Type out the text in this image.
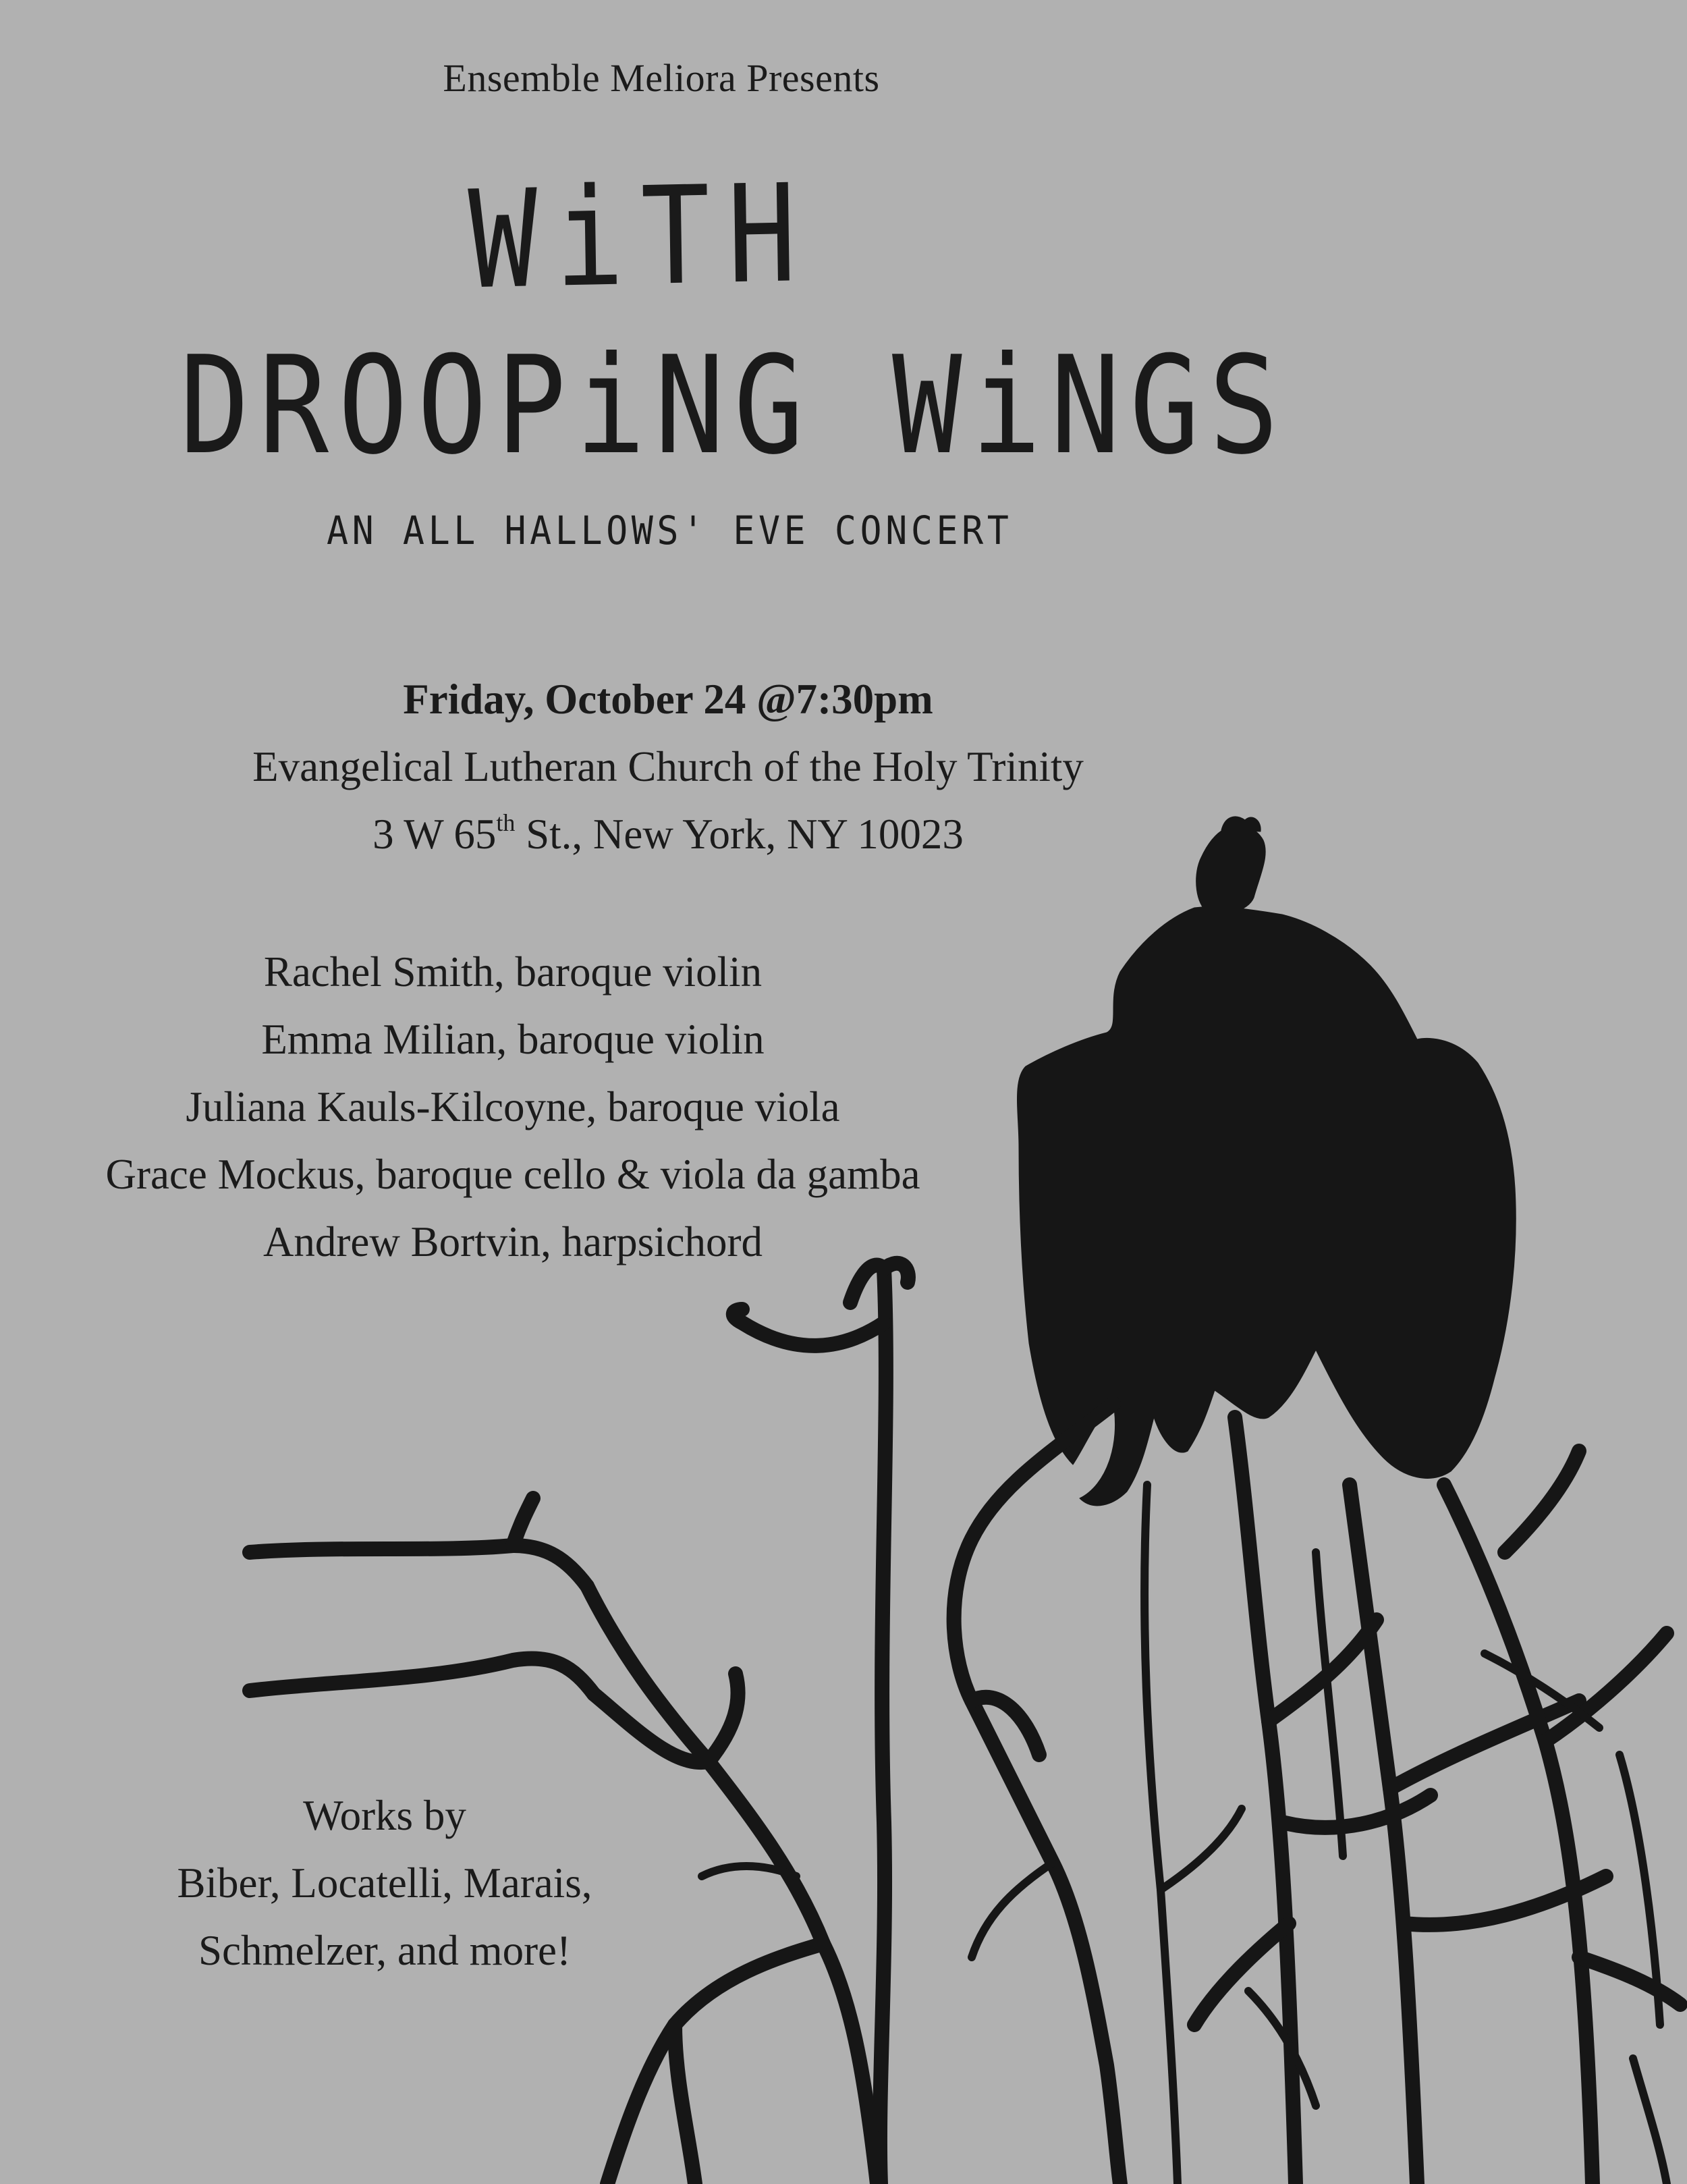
Ensemble Meliora Presents
WiTH
DROOPiNG WiNGS
AN ALL HALLOWS' EVE CONCERT
Friday, October 24 @7:30pm
Evangelical Lutheran Church of the Holy Trinity
3 W 65th St., New York, NY 10023
Rachel Smith, baroque violin
Emma Milian, baroque violin
Juliana Kauls-Kilcoyne, baroque viola
Grace Mockus, baroque cello & viola da gamba
Andrew Bortvin, harpsichord
Works by
Biber, Locatelli, Marais,
Schmelzer, and more!
